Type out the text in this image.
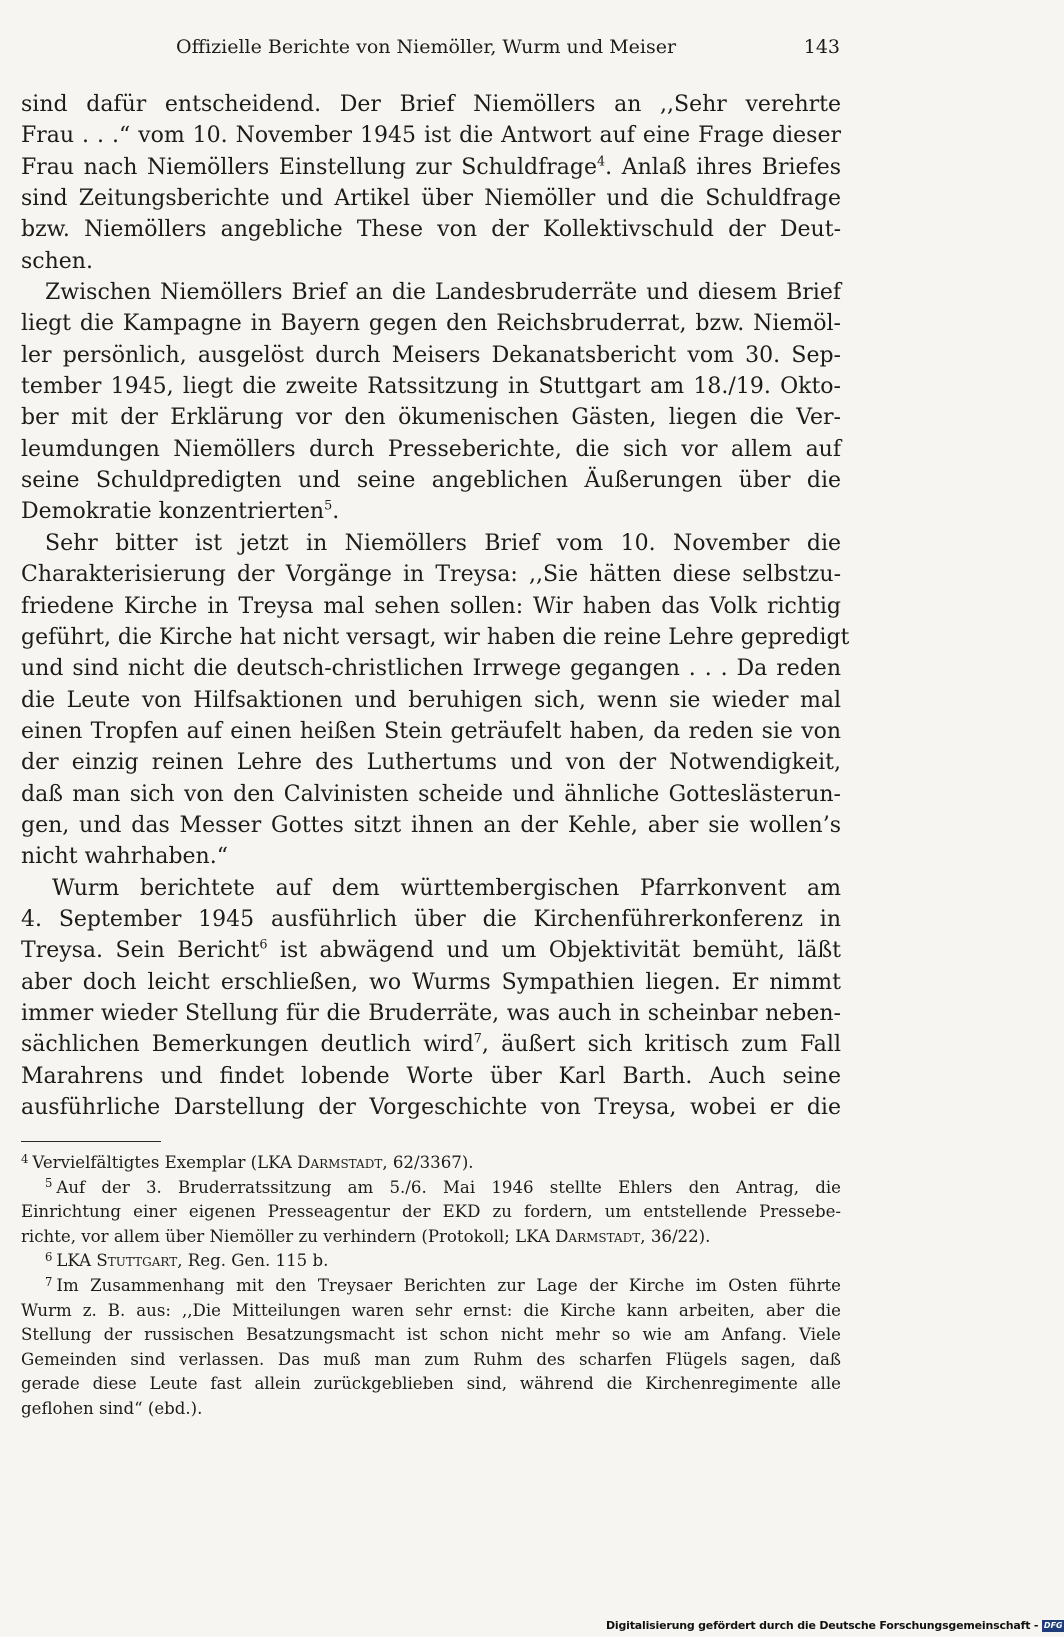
Offizielle Berichte von Niemöller, Wurm und Meiser	143

sind dafür entscheidend. Der Brief Niemöllers an ,,Sehr verehrte
Frau . . .“ vom 10. November 1945 ist die Antwort auf eine Frage dieser
Frau nach Niemöllers Einstellung zur Schuldfrage$^4$. Anlaß ihres Briefes
sind Zeitungsberichte und Artikel über Niemöller und die Schuldfrage
bzw. Niemöllers angebliche These von der Kollektivschuld der Deut-
schen.

Zwischen Niemöllers Brief an die Landesbruderräte und diesem Brief
liegt die Kampagne in Bayern gegen den Reichsbruderrat, bzw. Niemöl-
ler persönlich, ausgelöst durch Meisers Dekanatsbericht vom 30. Sep-
tember 1945, liegt die zweite Ratssitzung in Stuttgart am 18./19. Okto-
ber mit der Erklärung vor den ökumenischen Gästen, liegen die Ver-
leumdungen Niemöllers durch Presseberichte, die sich vor allem auf
seine Schuldpredigten und seine angeblichen Äußerungen über die
Demokratie konzentrierten$^5$.

Sehr bitter ist jetzt in Niemöllers Brief vom 10. November die
Charakterisierung der Vorgänge in Treysa: ,,Sie hätten diese selbstzu-
friedene Kirche in Treysa mal sehen sollen: Wir haben das Volk richtig
geführt, die Kirche hat nicht versagt, wir haben die reine Lehre gepredigt
und sind nicht die deutsch-christlichen Irrwege gegangen . . . Da reden
die Leute von Hilfsaktionen und beruhigen sich, wenn sie wieder mal
einen Tropfen auf einen heißen Stein geträufelt haben, da reden sie von
der einzig reinen Lehre des Luthertums und von der Notwendigkeit,
daß man sich von den Calvinisten scheide und ähnliche Gotteslästerun-
gen, und das Messer Gottes sitzt ihnen an der Kehle, aber sie wollen’s
nicht wahrhaben.“

Wurm berichtete auf dem württembergischen Pfarrkonvent am
4. September 1945 ausführlich über die Kirchenführerkonferenz in
Treysa. Sein Bericht$^6$ ist abwägend und um Objektivität bemüht, läßt
aber doch leicht erschließen, wo Wurms Sympathien liegen. Er nimmt
immer wieder Stellung für die Bruderräte, was auch in scheinbar neben-
sächlichen Bemerkungen deutlich wird$^7$, äußert sich kritisch zum Fall
Marahrens und findet lobende Worte über Karl Barth. Auch seine
ausführliche Darstellung der Vorgeschichte von Treysa, wobei er die

$^4$ Vervielfältigtes Exemplar (LKA Darmstadt, 62/3367).
$^5$ Auf der 3. Bruderratssitzung am 5./6. Mai 1946 stellte Ehlers den Antrag, die
Einrichtung einer eigenen Presseagentur der EKD zu fordern, um entstellende Pressebe-
richte, vor allem über Niemöller zu verhindern (Protokoll; LKA Darmstadt, 36/22).
$^6$ LKA Stuttgart, Reg. Gen. 115 b.
$^7$ Im Zusammenhang mit den Treysaer Berichten zur Lage der Kirche im Osten führte
Wurm z. B. aus: ,,Die Mitteilungen waren sehr ernst: die Kirche kann arbeiten, aber die
Stellung der russischen Besatzungsmacht ist schon nicht mehr so wie am Anfang. Viele
Gemeinden sind verlassen. Das muß man zum Ruhm des scharfen Flügels sagen, daß
gerade diese Leute fast allein zurückgeblieben sind, während die Kirchenregimente alle
geflohen sind“ (ebd.).
Digitalisierung gefördert durch die Deutsche Forschungsgemeinschaft - DFG
